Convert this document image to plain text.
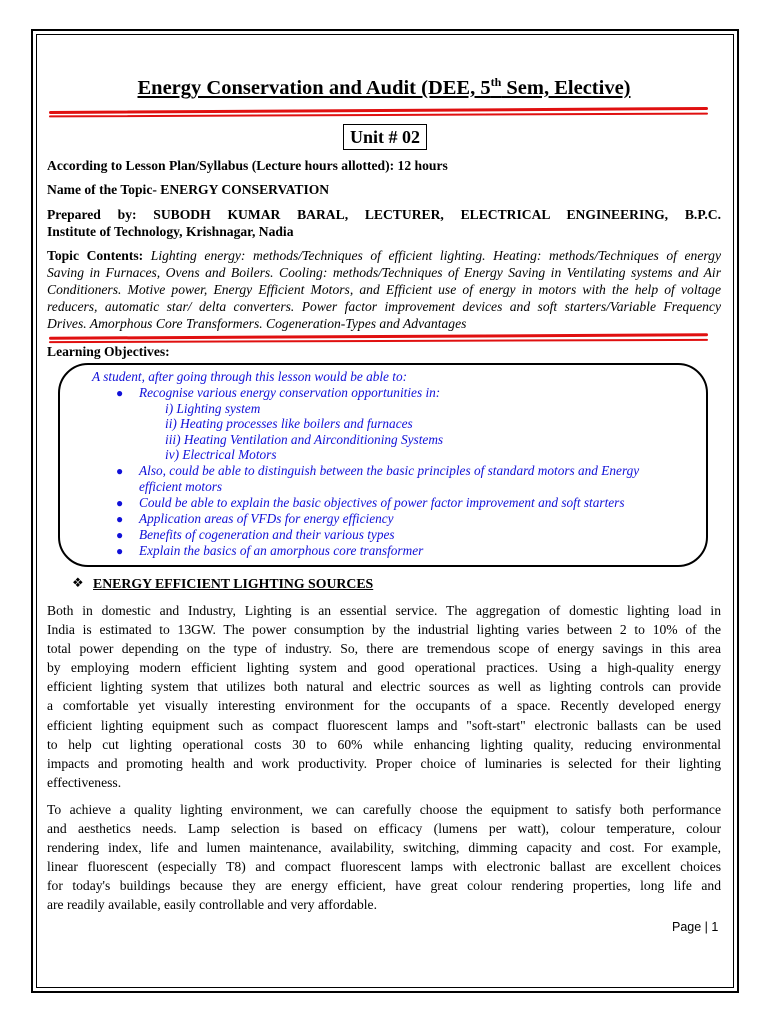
Energy Conservation and Audit (DEE, 5th Sem, Elective)
Unit # 02

According to Lesson Plan/Syllabus (Lecture hours allotted): 12 hours

Name of the Topic- ENERGY CONSERVATION

Prepared by: SUBODH KUMAR BARAL, LECTURER, ELECTRICAL ENGINEERING, B.P.C.

Institute of Technology, Krishnagar, Nadia

Topic Contents: Lighting energy: methods/Techniques of efficient lighting. Heating: methods/Techniques of energy
Saving in Furnaces, Ovens and Boilers. Cooling: methods/Techniques of Energy Saving in Ventilating systems and Air
Conditioners. Motive power, Energy Efficient Motors, and Efficient use of energy in motors with the help of voltage
reducers, automatic star/ delta converters. Power factor improvement devices and soft starters/Variable Frequency
Drives. Amorphous Core Transformers. Cogeneration-Types and Advantages

Learning Objectives:

A student, after going through this lesson would be able to:

● Recognise various energy conservation opportunities in:

i) Lighting system

ii) Heating processes like boilers and furnaces

iii) Heating Ventilation and Airconditioning Systems

iv) Electrical Motors

● Also, could be able to distinguish between the basic principles of standard motors and Energy

efficient motors

● Could be able to explain the basic objectives of power factor improvement and soft starters

● Application areas of VFDs for energy efficiency

● Benefits of cogeneration and their various types

● Explain the basics of an amorphous core transformer

❖ ENERGY EFFICIENT LIGHTING SOURCES
Both in domestic and Industry, Lighting is an essential service. The aggregation of domestic lighting load in
India is estimated to 13GW. The power consumption by the industrial lighting varies between 2 to 10% of the
total power depending on the type of industry. So, there are tremendous scope of energy savings in this area
by employing modern efficient lighting system and good operational practices. Using a high-quality energy
efficient lighting system that utilizes both natural and electric sources as well as lighting controls can provide
a comfortable yet visually interesting environment for the occupants of a space. Recently developed energy
efficient lighting equipment such as compact fluorescent lamps and "soft-start" electronic ballasts can be used
to help cut lighting operational costs 30 to 60% while enhancing lighting quality, reducing environmental
impacts and promoting health and work productivity. Proper choice of luminaries is selected for their lighting
effectiveness.
To achieve a quality lighting environment, we can carefully choose the equipment to satisfy both performance
and aesthetics needs. Lamp selection is based on efficacy (lumens per watt), colour temperature, colour
rendering index, life and lumen maintenance, availability, switching, dimming capacity and cost. For example,
linear fluorescent (especially T8) and compact fluorescent lamps with electronic ballast are excellent choices
for today's buildings because they are energy efficient, have great colour rendering properties, long life and
are readily available, easily controllable and very affordable.
Page | 1
